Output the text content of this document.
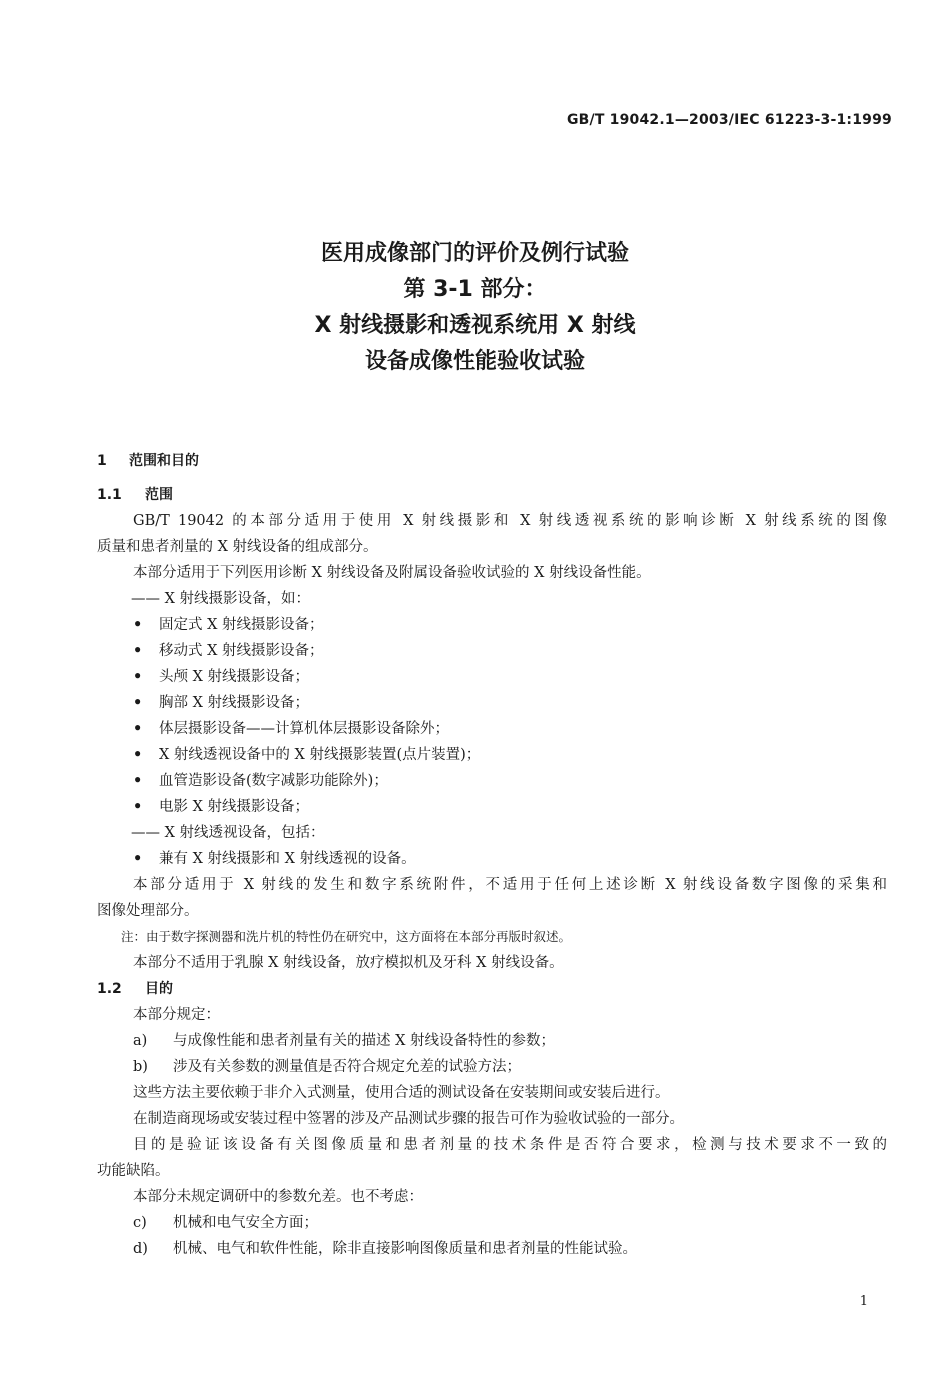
GB/T 19042.1—2003/IEC 61223-3-1:1999
医用成像部门的评价及例行试验
第 3-1 部分：
X 射线摄影和透视系统用 X 射线
设备成像性能验收试验
1 范围和目的
1.1 范围
GB/T 19042 的本部分适用于使用 X 射线摄影和 X 射线透视系统的影响诊断 X 射线系统的图像
质量和患者剂量的 X 射线设备的组成部分。
本部分适用于下列医用诊断 X 射线设备及附属设备验收试验的 X 射线设备性能。
—— X 射线摄影设备，如：
• 固定式 X 射线摄影设备；
• 移动式 X 射线摄影设备；
• 头颅 X 射线摄影设备；
• 胸部 X 射线摄影设备；
• 体层摄影设备——计算机体层摄影设备除外；
• X 射线透视设备中的 X 射线摄影装置(点片装置)；
• 血管造影设备(数字减影功能除外)；
• 电影 X 射线摄影设备；
—— X 射线透视设备，包括：
• 兼有 X 射线摄影和 X 射线透视的设备。
本部分适用于 X 射线的发生和数字系统附件，不适用于任何上述诊断 X 射线设备数字图像的采集和
图像处理部分。
注：由于数字探测器和洗片机的特性仍在研究中，这方面将在本部分再版时叙述。
本部分不适用于乳腺 X 射线设备，放疗模拟机及牙科 X 射线设备。
1.2 目的
本部分规定：
a) 与成像性能和患者剂量有关的描述 X 射线设备特性的参数；
b) 涉及有关参数的测量值是否符合规定允差的试验方法；
这些方法主要依赖于非介入式测量，使用合适的测试设备在安装期间或安装后进行。
在制造商现场或安装过程中签署的涉及产品测试步骤的报告可作为验收试验的一部分。
目的是验证该设备有关图像质量和患者剂量的技术条件是否符合要求，检测与技术要求不一致的
功能缺陷。
本部分未规定调研中的参数允差。也不考虑：
c) 机械和电气安全方面；
d) 机械、电气和软件性能，除非直接影响图像质量和患者剂量的性能试验。
1
